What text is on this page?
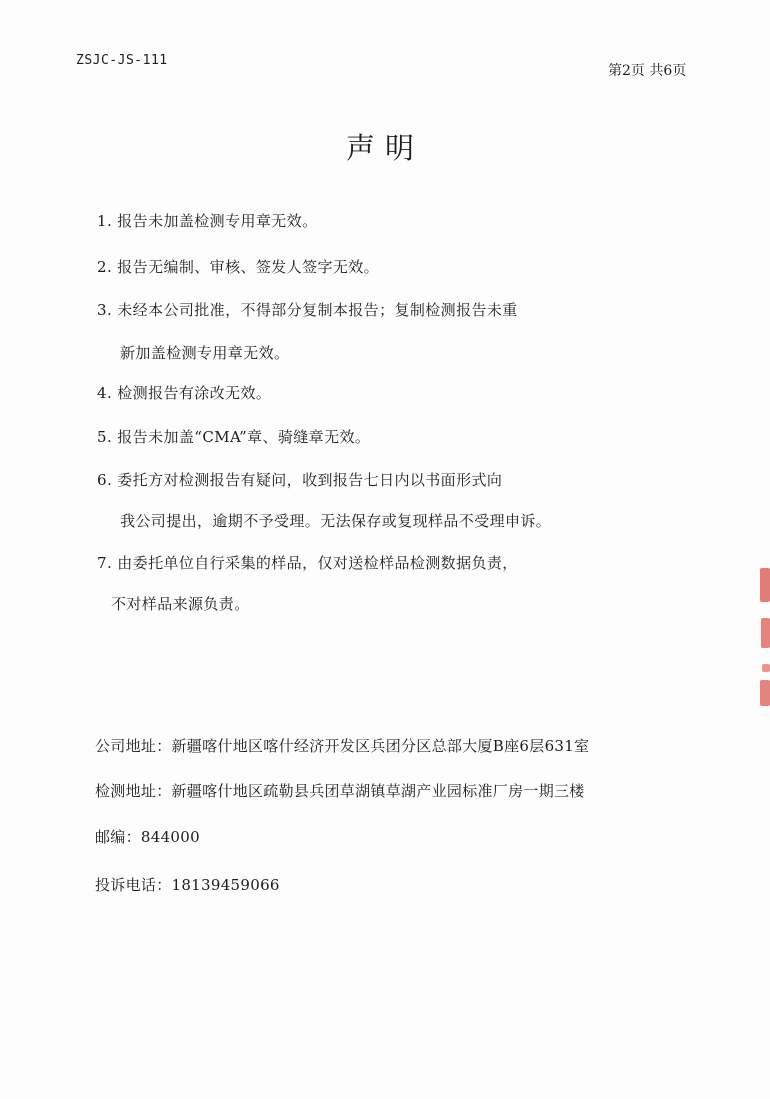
ZSJC-JS-111
第2页 共6页
声明
1. 报告未加盖检测专用章无效。
2. 报告无编制、审核、签发人签字无效。
3. 未经本公司批准，不得部分复制本报告；复制检测报告未重
新加盖检测专用章无效。
4. 检测报告有涂改无效。
5. 报告未加盖“CMA”章、骑缝章无效。
6. 委托方对检测报告有疑问，收到报告七日内以书面形式向
我公司提出，逾期不予受理。无法保存或复现样品不受理申诉。
7. 由委托单位自行采集的样品，仅对送检样品检测数据负责，
不对样品来源负责。
公司地址：新疆喀什地区喀什经济开发区兵团分区总部大厦B座6层631室
检测地址：新疆喀什地区疏勒县兵团草湖镇草湖产业园标准厂房一期三楼
邮编：844000
投诉电话：18139459066
